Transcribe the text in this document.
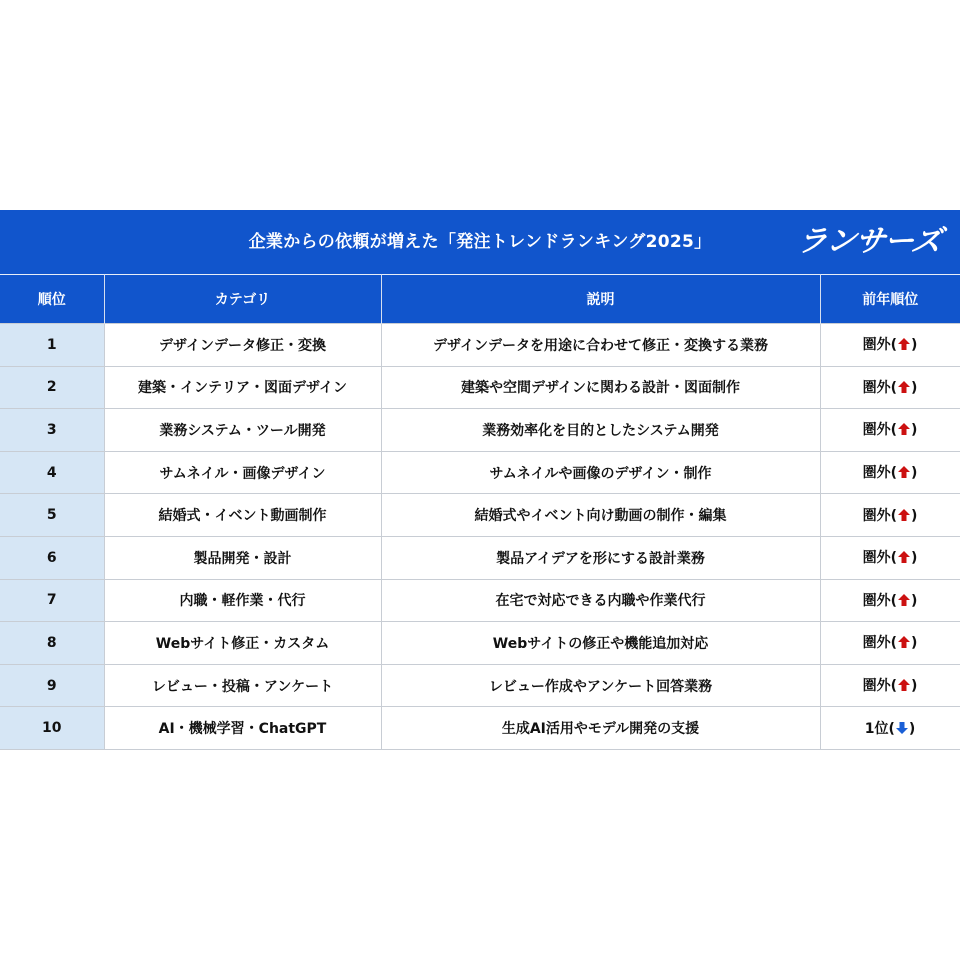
企業からの依頼が増えた「発注トレンドランキング2025」	ランサーズ
順位	カテゴリ	説明	前年順位
1	デザインデータ修正・変換	デザインデータを用途に合わせて修正・変換する業務	圏外( )
2	建築・インテリア・図面デザイン	建築や空間デザインに関わる設計・図面制作	圏外( )
3	業務システム・ツール開発	業務効率化を目的としたシステム開発	圏外( )
4	サムネイル・画像デザイン	サムネイルや画像のデザイン・制作	圏外( )
5	結婚式・イベント動画制作	結婚式やイベント向け動画の制作・編集	圏外( )
6	製品開発・設計	製品アイデアを形にする設計業務	圏外( )
7	内職・軽作業・代行	在宅で対応できる内職や作業代行	圏外( )
8	Webサイト修正・カスタム	Webサイトの修正や機能追加対応	圏外( )
9	レビュー・投稿・アンケート	レビュー作成やアンケート回答業務	圏外( )
10	AI・機械学習・ChatGPT	生成AI活用やモデル開発の支援	1位( )
